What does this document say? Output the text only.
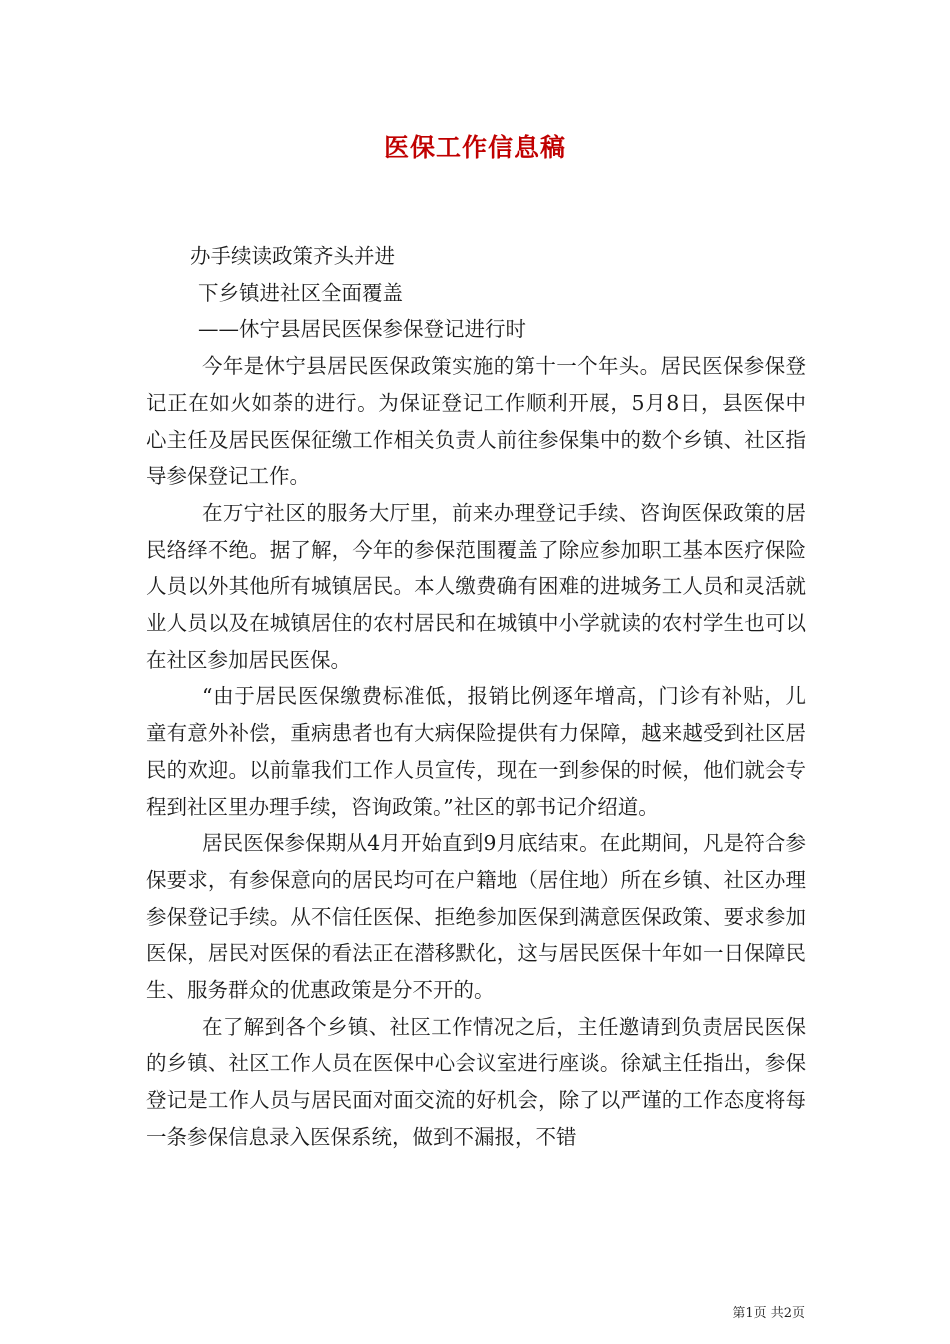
医保工作信息稿

办手续读政策齐头并进

下乡镇进社区全面覆盖

——休宁县居民医保参保登记进行时

今年是休宁县居民医保政策实施的第十一个年头。居民医保参保登记正在如火如荼的进行。为保证登记工作顺利开展，5月8日，县医保中心主任及居民医保征缴工作相关负责人前往参保集中的数个乡镇、社区指导参保登记工作。

在万宁社区的服务大厅里，前来办理登记手续、咨询医保政策的居民络绎不绝。据了解，今年的参保范围覆盖了除应参加职工基本医疗保险人员以外其他所有城镇居民。本人缴费确有困难的进城务工人员和灵活就业人员以及在城镇居住的农村居民和在城镇中小学就读的农村学生也可以在社区参加居民医保。

“由于居民医保缴费标准低，报销比例逐年增高，门诊有补贴，儿童有意外补偿，重病患者也有大病保险提供有力保障，越来越受到社区居民的欢迎。以前靠我们工作人员宣传，现在一到参保的时候，他们就会专程到社区里办理手续，咨询政策。”社区的郭书记介绍道。

居民医保参保期从4月开始直到9月底结束。在此期间，凡是符合参保要求，有参保意向的居民均可在户籍地（居住地）所在乡镇、社区办理参保登记手续。从不信任医保、拒绝参加医保到满意医保政策、要求参加医保，居民对医保的看法正在潜移默化，这与居民医保十年如一日保障民生、服务群众的优惠政策是分不开的。

在了解到各个乡镇、社区工作情况之后，主任邀请到负责居民医保的乡镇、社区工作人员在医保中心会议室进行座谈。徐斌主任指出，参保登记是工作人员与居民面对面交流的好机会，除了以严谨的工作态度将每一条参保信息录入医保系统，做到不漏报，不错

第1页 共2页
